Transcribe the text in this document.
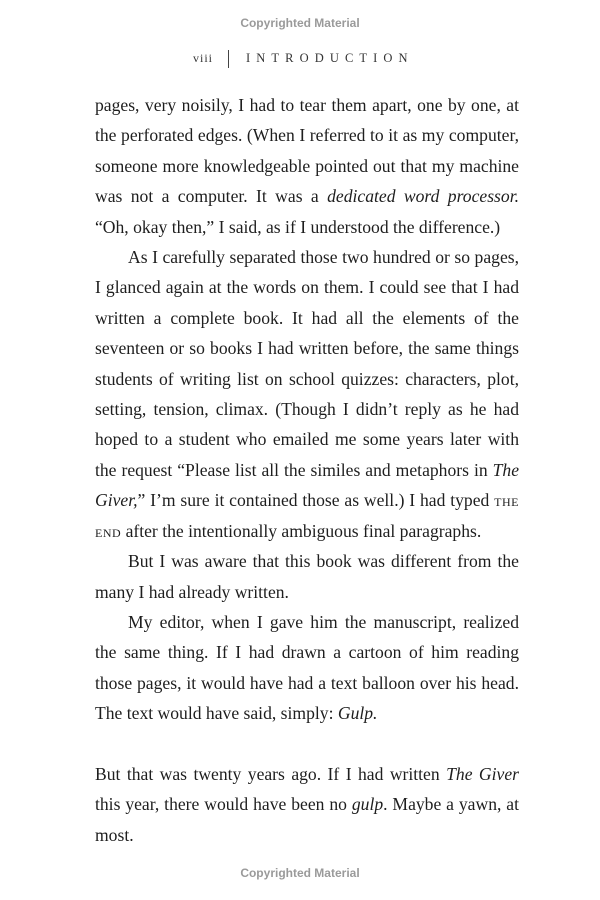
Copyrighted Material
viii	INTRODUCTION

pages, very noisily, I had to tear them apart, one by one, at the perforated edges. (When I referred to it as my computer, someone more knowledgeable pointed out that my machine was not a computer. It was a dedicated word processor. “Oh, okay then,” I said, as if I understood the difference.)

As I carefully separated those two hundred or so pages, I glanced again at the words on them. I could see that I had written a complete book. It had all the elements of the seventeen or so books I had written before, the same things students of writing list on school quizzes: characters, plot, setting, tension, climax. (Though I didn’t reply as he had hoped to a student who emailed me some years later with the request “Please list all the similes and metaphors in The Giver,” I’m sure it contained those as well.) I had typed the end after the intentionally ambiguous final paragraphs.

But I was aware that this book was different from the many I had already written.

My editor, when I gave him the manuscript, realized the same thing. If I had drawn a cartoon of him reading those pages, it would have had a text balloon over his head. The text would have said, simply: Gulp.

But that was twenty years ago. If I had written The Giver this year, there would have been no gulp. Maybe a yawn, at most.

Copyrighted Material
